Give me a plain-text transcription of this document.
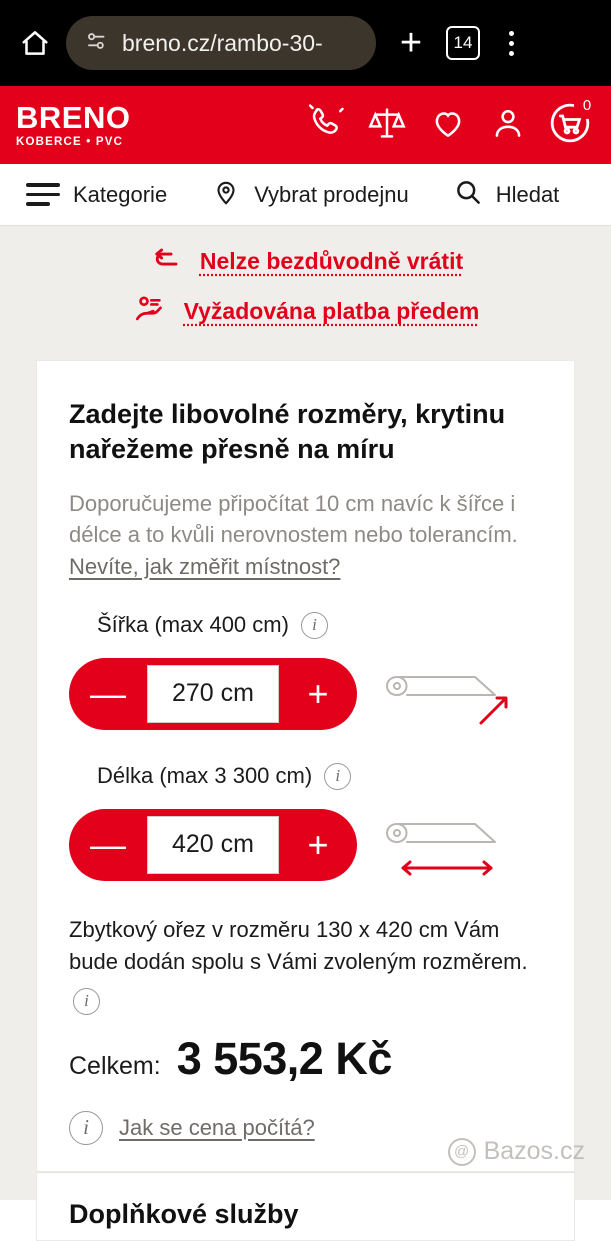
breno.cz/rambo-30- +	14
BRENO
KOBERCE • PVC
0
Kategorie	Vybrat prodejnu	Hledat
Nelze bezdůvodně vrátit
Vyžadována platba předem
Zadejte libovolné rozměry, krytinu nařežeme přesně na míru

Doporučujeme připočítat 10 cm navíc k šířce i délce a to kvůli nerovnostem nebo tolerancím. Nevíte, jak změřit místnost?

Šířka (max 400 cm)	i
—	270 cm	+
Délka (max 3 300 cm)	i
—	420 cm	+

Zbytkový ořez v rozměru 130 x 420 cm Vám bude dodán spolu s Vámi zvoleným rozměrem.i

Celkem: 3 553,2 Kč
i	Jak se cena počítá?
Doplňkové služby
@ Bazos.cz
